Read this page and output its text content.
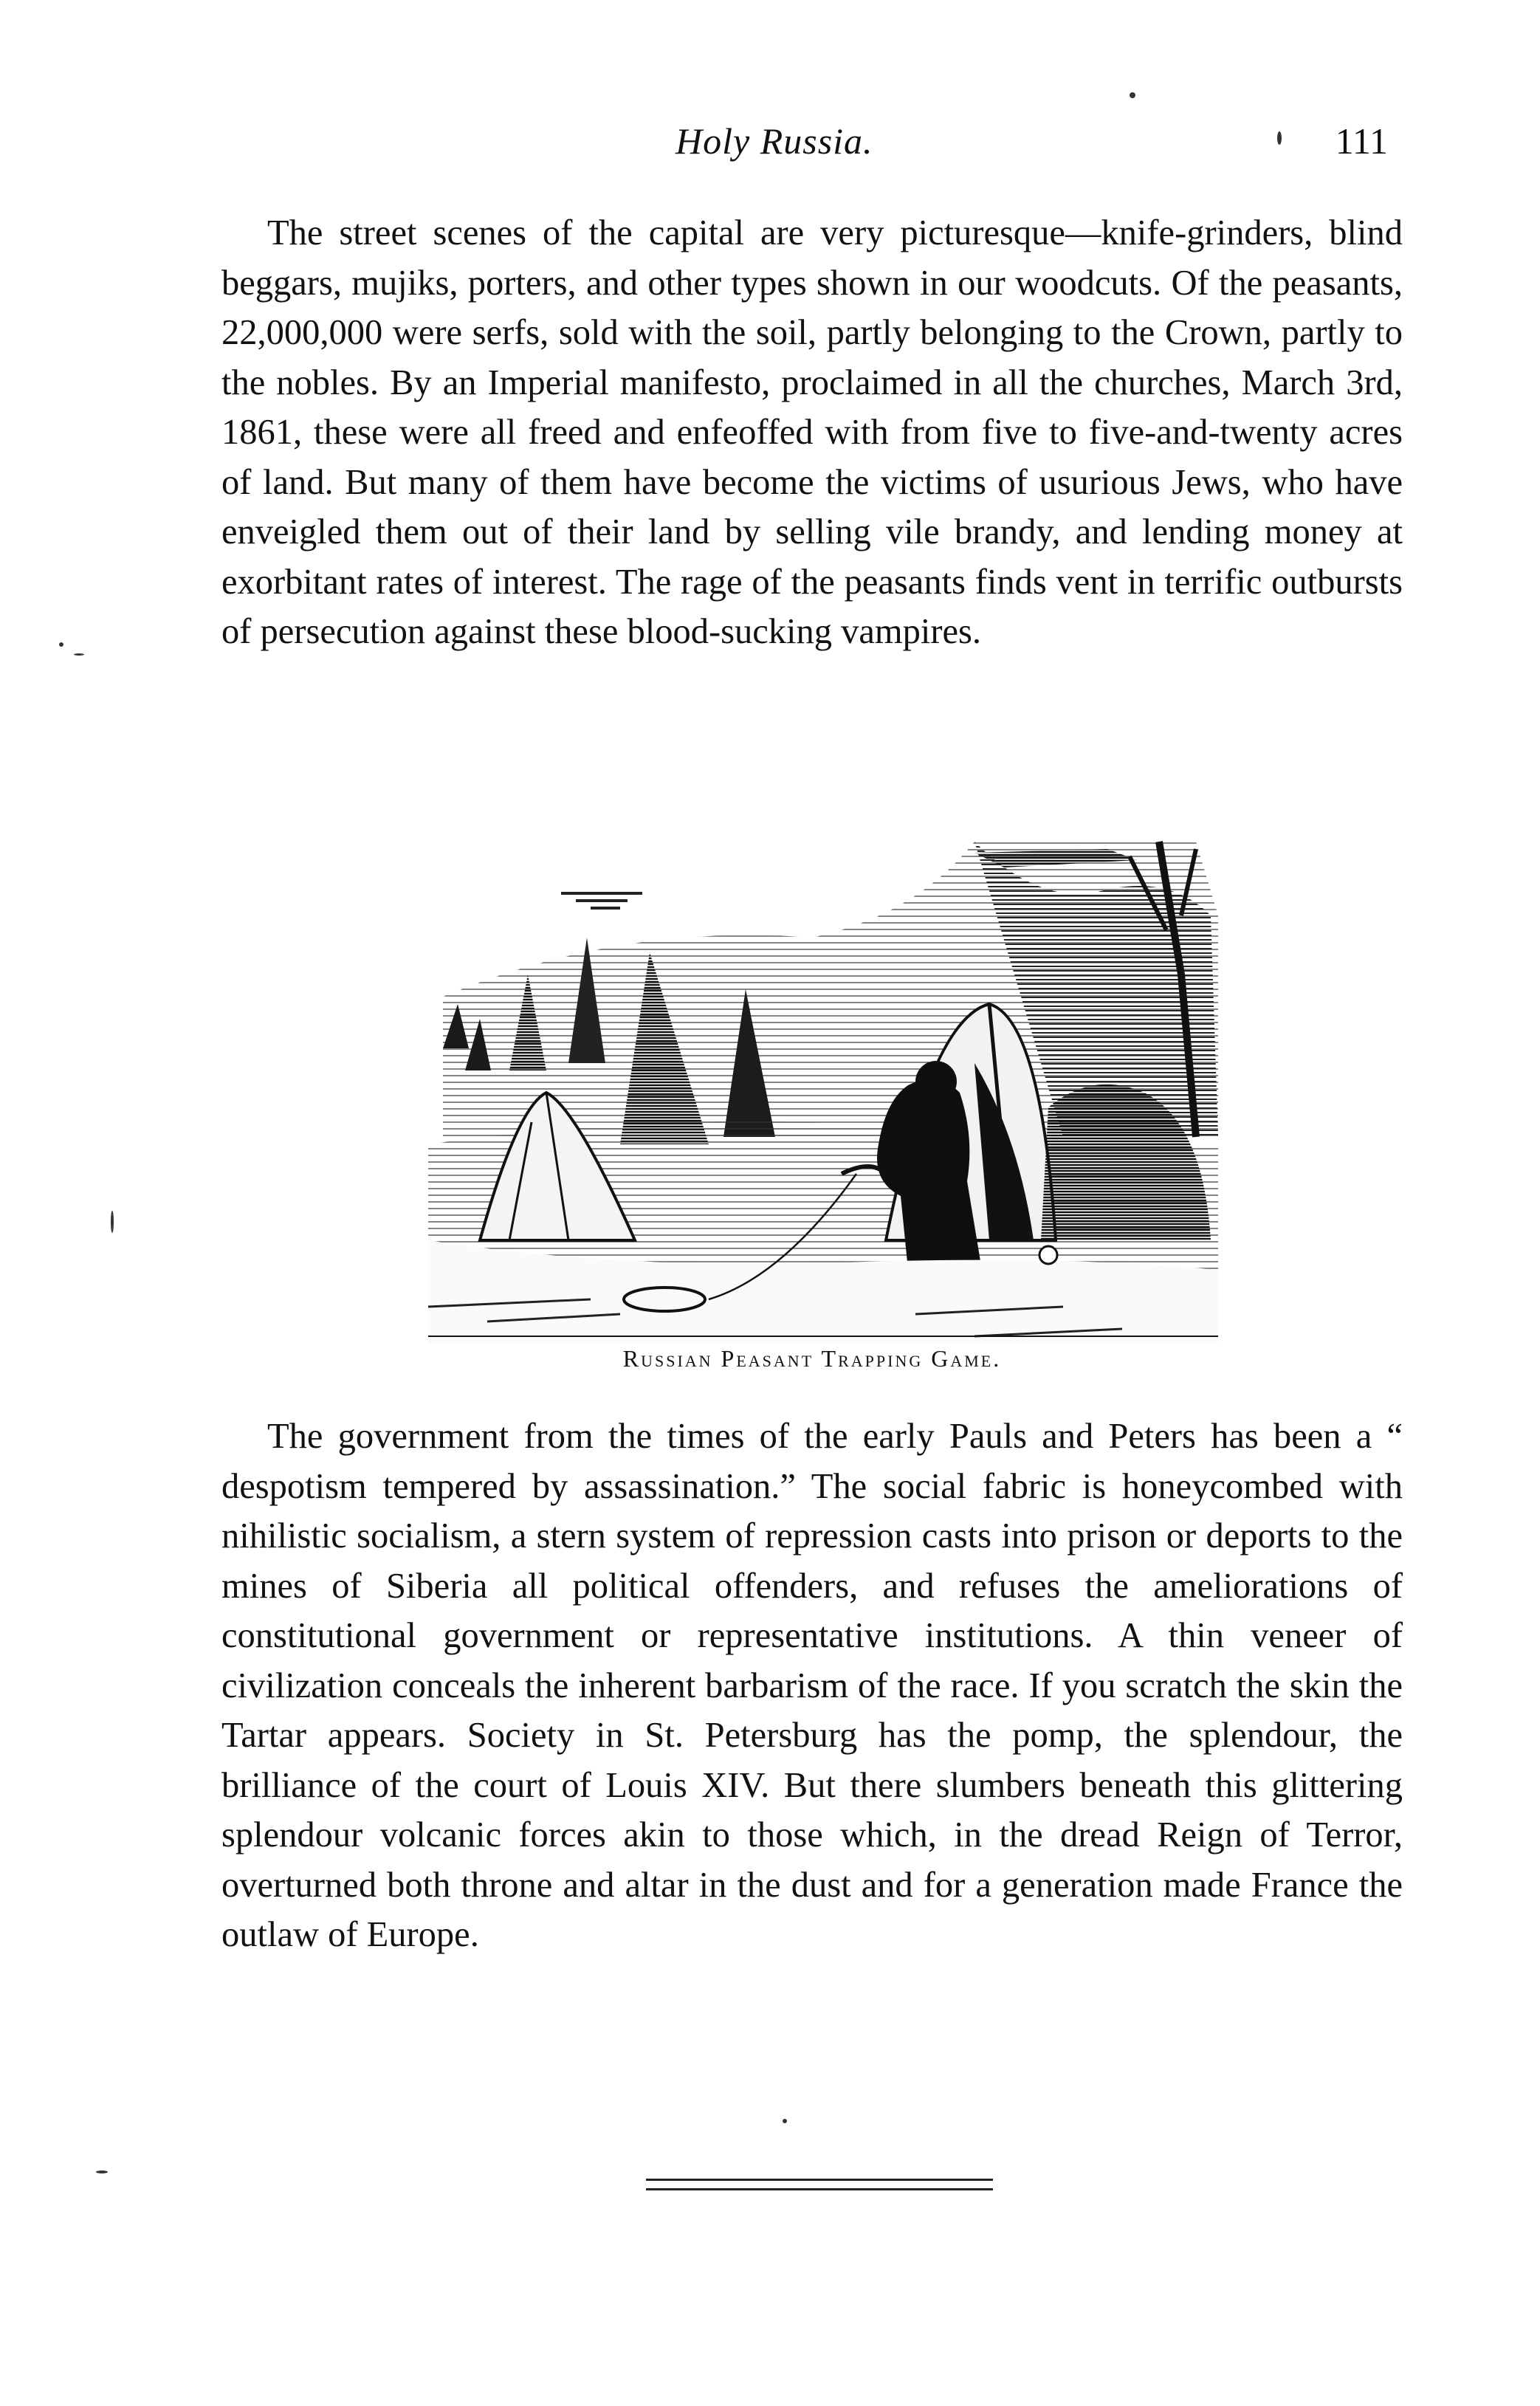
Holy Russia.	111

The street scenes of the capital are very picturesque—knife-grinders, blind beggars, mujiks, porters, and other types shown in our woodcuts. Of the peasants, 22,000,000 were serfs, sold with the soil, partly belonging to the Crown, partly to the nobles. By an Imperial manifesto, proclaimed in all the churches, March 3rd, 1861, these were all freed and enfeoffed with from five to five-and-twenty acres of land. But many of them have become the victims of usurious Jews, who have enveigled them out of their land by selling vile brandy, and lending money at exorbitant rates of interest. The rage of the peasants finds vent in terrific outbursts of persecution against these blood-sucking vampires.

Russian Peasant Trapping Game.

The government from the times of the early Pauls and Peters has been a “ despotism tempered by assassination.” The social fabric is honeycombed with nihilistic socialism, a stern system of repression casts into prison or deports to the mines of Siberia all political offenders, and refuses the ameliorations of constitutional government or representative institutions. A thin veneer of civilization conceals the inherent barbarism of the race. If you scratch the skin the Tartar appears. Society in St. Petersburg has the pomp, the splendour, the brilliance of the court of Louis XIV. But there slumbers beneath this glittering splendour volcanic forces akin to those which, in the dread Reign of Terror, overturned both throne and altar in the dust and for a generation made France the outlaw of Europe.
